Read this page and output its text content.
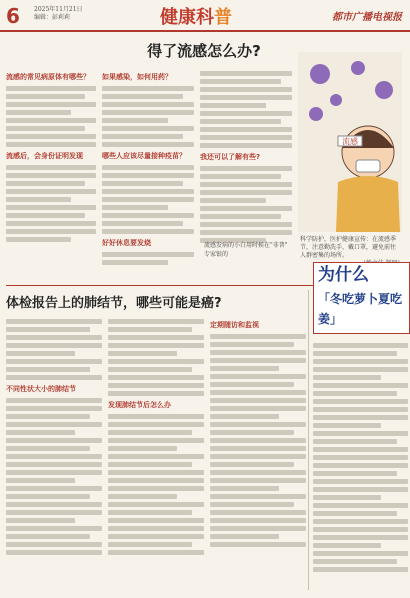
6 2025年11月21日
编辑：彭莉莉	健康科普	都市广播电视报
得了流感怎么办?
流感的常见病原体有哪些？
流感后，会身份证明发现
如果感染，如何用药？
哪些人应该尽量接种疫苗？
好好休息要发烧
我还可以了解有些?
流感发病的小白用时候在"非普"
专家银的
流感
科学防护，医护健康宣传：在流感季节，注意勤洗手、戴口罩，避免前往人群密集的场所。
体检报告上的肺结节，哪些可能是癌?
不同性状大小的肺结节
发现肺结节后怎么办
定期随访和监视
为什么
「冬吃萝卜夏吃姜」
